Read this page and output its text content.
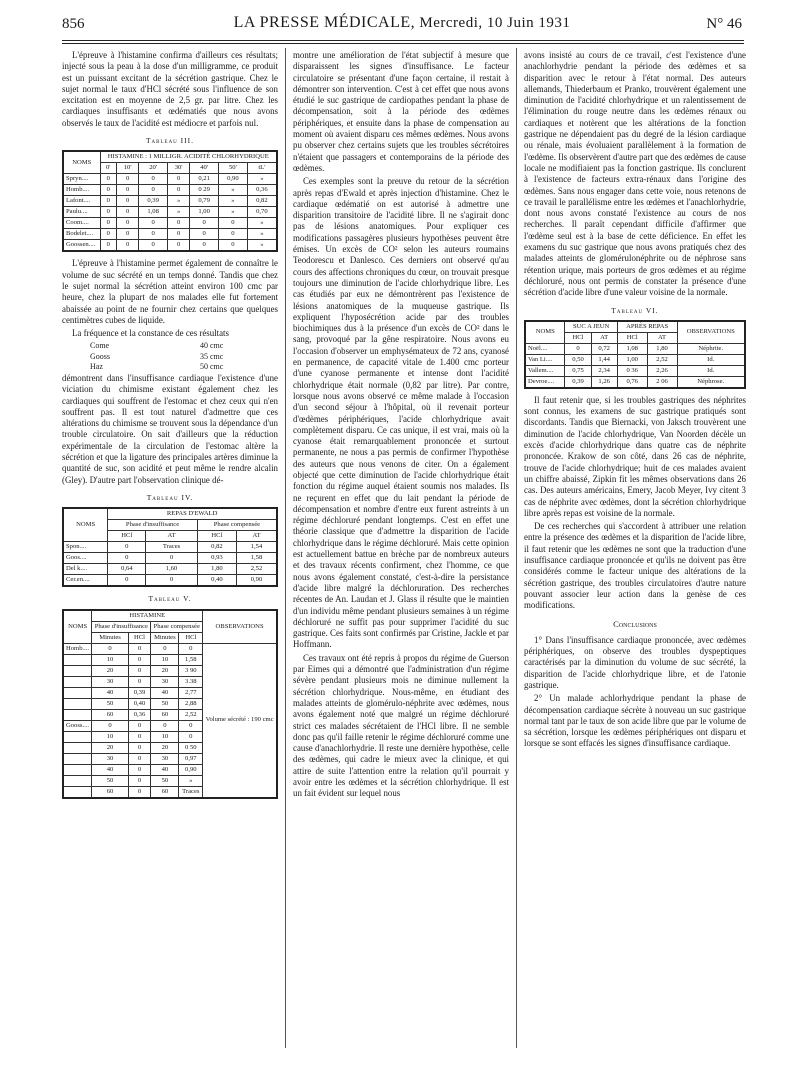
856	LA PRESSE MÉDICALE, Mercredi, 10 Juin 1931	N° 46

L'épreuve à l'histamine confirma d'ailleurs ces résultats; injecté sous la peau à la dose d'un milligramme, ce produit est un puissant excitant de la sécrétion gastrique. Chez le sujet normal le taux d'HCl sécrété sous l'influence de son excitation est en moyenne de 2,5 gr. par litre. Chez les cardiaques insuffisants et œdématiés que nous avons observés le taux de l'acidité est médiocre et parfois nul.

Tableau III.
NOMS	HISTAMINE : 1 MILLIGR. ACIDITÉ CHLORHYDRIQUE						
	0'	10'	20'	30'	40'	50'	tL'
Spryn....	0	0	0	0	0,21	0,90	»
Homb....	0	0	0	0	0 29	»	0,36
Lafont....	0	0	0,39	»	0,79	»	0,82
Paulu....	0	0	1,08	»	1,00	»	0,70
Coom....	0	0	0	0	0	0	»
Bodelet....	0	0	0	0	0	0	»
Goossen....	0	0	0	0	0	0	»

L'épreuve à l'histamine permet également de connaître le volume de suc sécrété en un temps donné. Tandis que chez le sujet normal la sécrétion atteint environ 100 cmc par heure, chez la plupart de nos malades elle fut fortement abaissée au point de ne fournir chez certains que quelques centimètres cubes de liquide.

La fréquence et la constance de ces résultats

Come	40 cmc
Gooss	35 cmc
Haz	50 cmc

démontrent dans l'insuffisance cardiaque l'existence d'une viciation du chimisme existant également chez les cardiaques qui souffrent de l'estomac et chez ceux qui n'en souffrent pas. Il est tout naturel d'admettre que ces altérations du chimisme se trouvent sous la dépendance d'un trouble circulatoire. On sait d'ailleurs que la réduction expérimentale de la circulation de l'estomac altère la sécrétion et que la ligature des principales artères diminue la quantité de suc, son acidité et peut même le rendre alcalin (Gley). D'autre part l'observation clinique dé-

Tableau IV.
NOMS	REPAS D'EWALD			
	Phase d'insuffisance		Phase compensée	
	HCl	AT	HCl	AT
Spon....	0	Traces	0,82	1,54
Goos....	0	0	0,93	1,58
Del k....	0,64	1,60	1,80	2,52
Cer.en....	0	0	0,40	0,90
Tableau V.
NOMS	HISTAMINE				OBSERVATIONS
	Phase d'insuffisance		Phase compensée		
	Minutes	HCl	Minutes	HCl	
Homb....	0	0	0	0	Volume sécrété : 190 cmc
	10	0	10	1,58	
	20	0	20	3 90	
	30	0	30	3.38	
	40	0,39	40	2,77	
	50	0,40	50	2,88	
	60	0,36	60	2,52	
Gooss....	0	0	0	0	
	10	0	10	0	
	20	0	20	0 50	
	30	0	30	0,97	
	40	0	40	0,90	
	50	0	50	»	
	60	0	60	Traces	

montre une amélioration de l'état subjectif à mesure que disparaissent les signes d'insuffisance. Le facteur circulatoire se présentant d'une façon certaine, il restait à démontrer son intervention. C'est à cet effet que nous avons étudié le suc gastrique de cardiopathes pendant la phase de décompensation, soit à la période des œdèmes périphériques, et ensuite dans la phase de compensation au moment où avaient disparu ces mêmes œdèmes. Nous avons pu observer chez certains sujets que les troubles sécrétoires n'étaient que passagers et contemporains de la période des œdèmes.

Ces exemples sont la preuve du retour de la sécrétion après repas d'Ewald et après injection d'histamine. Chez le cardiaque œdématié on est autorisé à admettre une disparition transitoire de l'acidité libre. Il ne s'agirait donc pas de lésions anatomiques. Pour expliquer ces modifications passagères plusieurs hypothèses peuvent être émises. Un excès de CO² selon les auteurs roumains Teodorescu et Danlesco. Ces derniers ont observé qu'au cours des affections chroniques du cœur, on trouvait presque toujours une diminution de l'acide chlorhydrique libre. Les cas étudiés par eux ne démontrèrent pas l'existence de lésions anatomiques de la muqueuse gastrique. Ils expliquent l'hyposécrétion acide par des troubles biochimiques dus à la présence d'un excès de CO² dans le sang, provoqué par la gêne respiratoire. Nous avons eu l'occasion d'observer un emphysémateux de 72 ans, cyanosé en permanence, de capacité vitale de 1.400 cmc porteur d'une cyanose permanente et intense dont l'acidité chlorhydrique était normale (0,82 par litre). Par contre, lorsque nous avons observé ce même malade à l'occasion d'un second séjour à l'hôpital, où il revenait porteur d'œdèmes périphériques, l'acide chlorhydrique avait complètement disparu. Ce cas unique, il est vrai, mais où la cyanose était remarquablement prononcée et surtout permanente, ne nous a pas permis de confirmer l'hypothèse des auteurs que nous venons de citer. On a également objecté que cette diminution de l'acide chlorhydrique était fonction du régime auquel étaient soumis nos malades. Ils ne reçurent en effet que du lait pendant la période de décompensation et nombre d'entre eux furent astreints à un régime déchloruré pendant longtemps. C'est en effet une théorie classique que d'admettre la disparition de l'acide chlorhydrique dans le régime déchloruré. Mais cette opinion est actuellement battue en brèche par de nombreux auteurs et des travaux récents confirment, chez l'homme, ce que nous avons également constaté, c'est-à-dire la persistance d'acide libre malgré la déchloruration. Des recherches récentes de An. Laudan et J. Glass il résulte que le maintien d'un individu même pendant plusieurs semaines à un régime déchloruré ne suffit pas pour supprimer l'acidité du suc gastrique. Ces faits sont confirmés par Cristine, Jackle et par Hoffmann.

Ces travaux ont été repris à propos du régime de Guerson par Eimes qui a démontré que l'administration d'un régime sévère pendant plusieurs mois ne diminue nullement la sécrétion chlorhydrique. Nous-même, en étudiant des malades atteints de glomérulo-néphrite avec œdèmes, nous avons également noté que malgré un régime déchloruré strict ces malades sécrétaient de l'HCl libre. Il ne semble donc pas qu'il faille retenir le régime déchloruré comme une cause d'anachlorhydrie. Il reste une dernière hypothèse, celle des œdèmes, qui cadre le mieux avec la clinique, et qui attire de suite l'attention entre la relation qu'il pourrait y avoir entre les œdèmes et la sécrétion chlorhydrique. Il est un fait évident sur lequel nous

avons insisté au cours de ce travail, c'est l'existence d'une anachlorhydrie pendant la période des œdèmes et sa disparition avec le retour à l'état normal. Des auteurs allemands, Thiederbaum et Pranko, trouvèrent également une diminution de l'acidité chlorhydrique et un ralentissement de l'élimination du rouge neutre dans les œdèmes rénaux ou cardiaques et notèrent que les altérations de la fonction gastrique ne dépendaient pas du degré de la lésion cardiaque ou rénale, mais évoluaient parallèlement à la formation de l'œdème. Ils observèrent d'autre part que des œdèmes de cause locale ne modifiaient pas la fonction gastrique. Ils conclurent à l'existence de facteurs extra-rénaux dans l'origine des œdèmes. Sans nous engager dans cette voie, nous retenons de ce travail le parallélisme entre les œdèmes et l'anachlorhydrie, dont nous avons constaté l'existence au cours de nos recherches. Il paraît cependant difficile d'affirmer que l'œdème seul est à la base de cette déficience. En effet les examens du suc gastrique que nous avons pratiqués chez des malades atteints de glomérulonéphrite ou de néphrose sans rétention urique, mais porteurs de gros œdèmes et au régime déchloruré, nous ont permis de constater la présence d'une sécrétion d'acide libre d'une valeur voisine de la normale.

Tableau VI.
NOMS	SUC A JEUN		APRÈS REPAS		OBSERVATIONS
	HCl	AT	HCl	AT	
Noël....	0	0,72	1,08	1,80	Néphrite.
Van Li....	0,50	1,44	1,00	2,52	Id.
Vallem....	0,75	2,34	0 36	2,26	Id.
Devroe....	0,39	1,26	0,76	2 06	Néphrose.

Il faut retenir que, si les troubles gastriques des néphrites sont connus, les examens de suc gastrique pratiqués sont discordants. Tandis que Biernacki, von Jaksch trouvèrent une diminution de l'acide chlorhydrique, Van Noorden décèle un excès d'acide chlorhydrique dans quatre cas de néphrite prononcée. Krakow de son côté, dans 26 cas de néphrite, trouve de l'acide chlorhydrique; huit de ces malades avaient un chiffre abaissé, Zipkin fit les mêmes observations dans 26 cas. Des auteurs américains, Emery, Jacob Meyer, Ivy citent 3 cas de néphrite avec œdèmes, dont la sécrétion chlorhydrique libre après repas est voisine de la normale.

De ces recherches qui s'accordent à attribuer une relation entre la présence des œdèmes et la disparition de l'acide libre, il faut retenir que les œdèmes ne sont que la traduction d'une insuffisance cardiaque prononcée et qu'ils ne doivent pas être considérés comme le facteur unique des altérations de la sécrétion gastrique, des troubles circulatoires d'autre nature pouvant associer leur action dans la genèse de ces modifications.

Conclusions

1° Dans l'insuffisance cardiaque prononcée, avec œdèmes périphériques, on observe des troubles dyspeptiques caractérisés par la diminution du volume de suc sécrété, la disparition de l'acide chlorhydrique libre, et de l'atonie gastrique.

2° Un malade achlorhydrique pendant la phase de décompensation cardiaque sécrète à nouveau un suc gastrique normal tant par le taux de son acide libre que par le volume de sa sécrétion, lorsque les œdèmes périphériques ont disparu et lorsque se sont effacés les signes d'insuffisance cardiaque.
